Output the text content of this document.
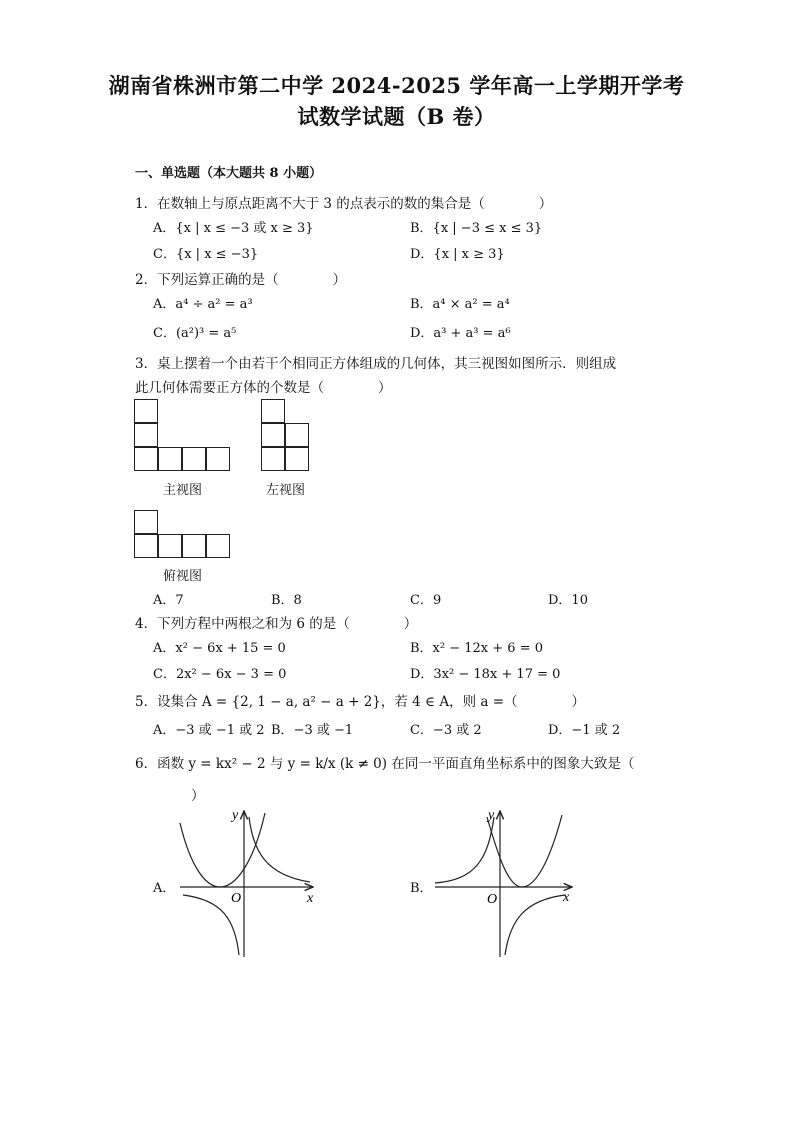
湖南省株洲市第二中学 2024-2025 学年高一上学期开学考
试数学试题（B 卷）
一、单选题（本大题共 8 小题）
1．在数轴上与原点距离不大于 3 的点表示的数的集合是（　　　　）
A．{x | x ≤ −3 或 x ≥ 3}	B．{x | −3 ≤ x ≤ 3}
C．{x | x ≤ −3}	D．{x | x ≥ 3}
2．下列运算正确的是（　　　　）
A．a⁴ ÷ a² = a³	B．a⁴ × a² = a⁴
C．(a²)³ = a⁵	D．a³ + a³ = a⁶
3．桌上摆着一个由若干个相同正方体组成的几何体，其三视图如图所示．则组成
此几何体需要正方体的个数是（　　　　）
主视图	左视图
俯视图
A．7	B．8	C．9	D．10
4．下列方程中两根之和为 6 的是（　　　　）
A．x² − 6x + 15 = 0	B．x² − 12x + 6 = 0
C．2x² − 6x − 3 = 0	D．3x² − 18x + 17 = 0
5．设集合 A = {2, 1 − a, a² − a + 2}，若 4 ∈ A，则 a =（　　　　）
A．−3 或 −1 或 2 B．−3 或 −1	C．−3 或 2	D．−1 或 2
6．函数 y = kx² − 2 与 y = k/x (k ≠ 0) 在同一平面直角坐标系中的图象大致是（
）
A．	B．
x
y
O	x
y
O
